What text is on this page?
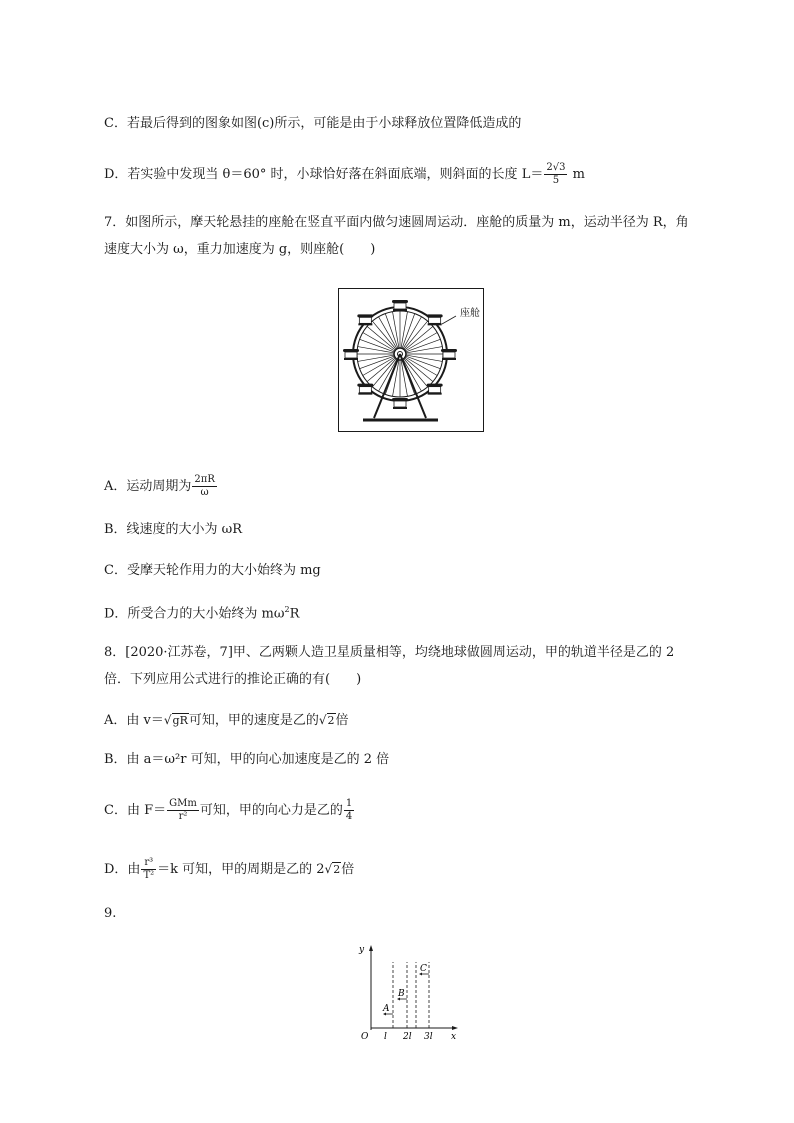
C．若最后得到的图象如图(c)所示，可能是由于小球释放位置降低造成的
D．若实验中发现当 θ＝60° 时，小球恰好落在斜面底端，则斜面的长度 $L= \frac{2√3}{5}$ m
7．如图所示，摩天轮悬挂的座舱在竖直平面内做匀速圆周运动．座舱的质量为 m，运动半径为 R，角
速度大小为 ω，重力加速度为 g，则座舱(　　)
座舱
A．运动周期为 $\frac{2\pi R}{\omega}$
B．线速度的大小为 ωR
C．受摩天轮作用力的大小始终为 mg
D．所受合力的大小始终为 $m\omega^2R$
8．[2020·江苏卷，7]甲、乙两颗人造卫星质量相等，均绕地球做圆周运动，甲的轨道半径是乙的 2
倍．下列应用公式进行的推论正确的有(　　)
A．由 v＝√gR可知，甲的速度是乙的√2倍
B．由 a＝ω²r 可知，甲的向心加速度是乙的 2 倍
C．由 $F= \frac{\text{GMm}}{\text{r²}}$ 可知，甲的向心力是乙的 $\frac{1}{4}$
D．由 $\frac{\text{r³}}{\text{T²}} =k$ 可知，甲的周期是乙的 2√2倍
9.
y
x
O l 2l 3l
A
B
C
